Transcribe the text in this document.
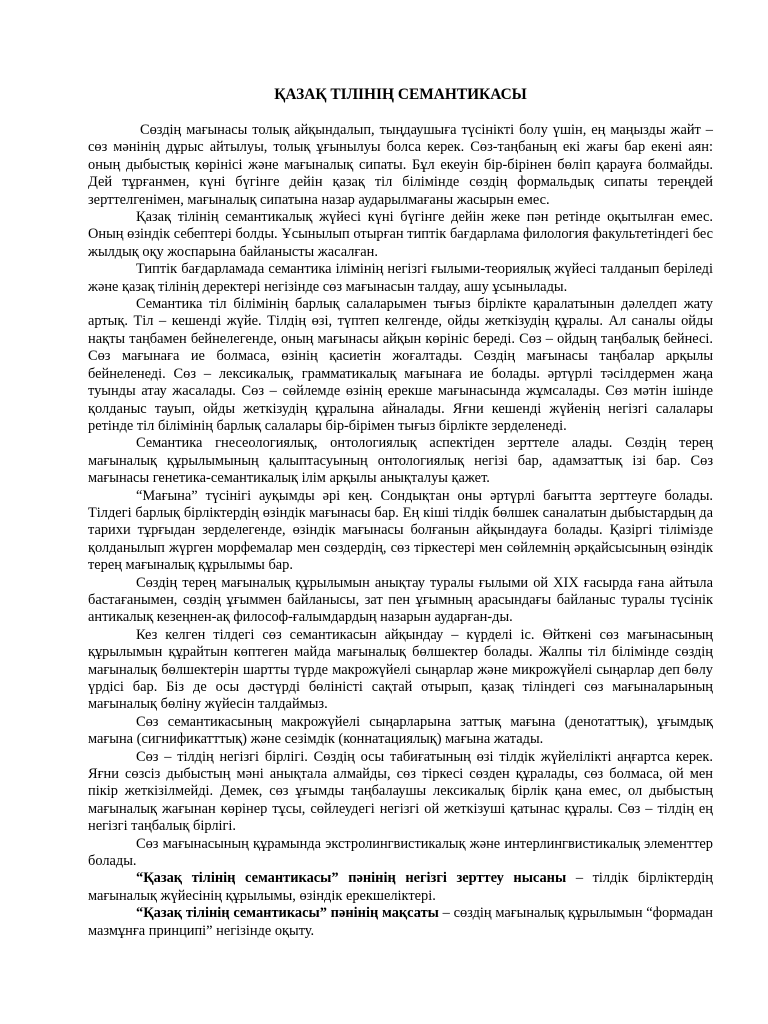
ҚАЗАҚ ТІЛІНІҢ СЕМАНТИКАСЫ

Сөздің мағынасы толық айқындалып, тыңдаушыға түсінікті болу үшін, ең маңызды жайт – сөз мәнінің дұрыс айтылуы, толық ұғынылуы болса керек. Сөз-таңбаның екі жағы бар екені аян: оның дыбыстық көрінісі және мағыналық сипаты. Бұл екеуін бір-бірінен бөліп қарауға болмайды. Дей тұрғанмен, күні бүгінге дейін қазақ тіл білімінде сөздің формальдық сипаты тереңдей зерттелгенімен, мағыналық сипатына назар аударылмағаны жасырын емес.

Қазақ тілінің семантикалық жүйесі күні бүгінге дейін жеке пән ретінде оқытылған емес. Оның өзіндік себептері болды. Ұсынылып отырған типтік бағдарлама филология факультетіндегі бес жылдық оқу жоспарына байланысты жасалған.

Типтік бағдарламада семантика ілімінің негізгі ғылыми-теориялық жүйесі талданып беріледі және қазақ тілінің деректері негізінде сөз мағынасын талдау, ашу ұсынылады.

Семантика тіл білімінің барлық салаларымен тығыз бірлікте қаралатынын дәлелдеп жату артық. Тіл – кешенді жүйе. Тілдің өзі, түптеп келгенде, ойды жеткізудің құралы. Ал саналы ойды нақты таңбамен бейнелегенде, оның мағынасы айқын көрініс береді. Сөз – ойдың таңбалық бейнесі. Сөз мағынаға ие болмаса, өзінің қасиетін жоғалтады. Сөздің мағынасы таңбалар арқылы бейнеленеді. Сөз – лексикалық, грамматикалық мағынаға ие болады. әртүрлі тәсілдермен жаңа туынды атау жасалады. Сөз – сөйлемде өзінің ерекше мағынасында жұмсалады. Сөз мәтін ішінде қолданыс тауып, ойды жеткізудің құралына айналады. Яғни кешенді жүйенің негізгі салалары ретінде тіл білімінің барлық салалары бір-бірімен тығыз бірлікте зерделенеді.

Семантика гнесеологиялық, онтологиялық аспектіден зерттеле алады. Сөздің терең мағыналық құрылымының қалыптасуының онтологиялық негізі бар, адамзаттық ізі бар. Сөз мағынасы генетика-семантикалық ілім арқылы анықталуы қажет.

“Мағына” түсінігі ауқымды әрі кең. Сондықтан оны әртүрлі бағытта зерттеуге болады. Тілдегі барлық бірліктердің өзіндік мағынасы бар. Ең кіші тілдік бөлшек саналатын дыбыстардың да тарихи тұрғыдан зерделегенде, өзіндік мағынасы болғанын айқындауға болады. Қазіргі тілімізде қолданылып жүрген морфемалар мен сөздердің, сөз тіркестері мен сөйлемнің әрқайсысының өзіндік терең мағыналық құрылымы бар.

Сөздің терең мағыналық құрылымын анықтау туралы ғылыми ой XIX ғасырда ғана айтыла бастағанымен, сөздің ұғыммен байланысы, зат пен ұғымның арасындағы байланыс туралы түсінік антикалық кезеңнен-ақ философ-ғалымдардың назарын аударған-ды.

Кез келген тілдегі сөз семантикасын айқындау – күрделі іс. Өйткені сөз мағынасының құрылымын құрайтын көптеген майда мағыналық бөлшектер болады. Жалпы тіл білімінде сөздің мағыналық бөлшектерін шартты түрде макрожүйелі сыңарлар және микрожүйелі сыңарлар деп бөлу үрдісі бар. Біз де осы дәстүрді бөліністі сақтай отырып, қазақ тіліндегі сөз мағыналарының мағыналық бөліну жүйесін талдаймыз.

Сөз семантикасының макрожүйелі сыңарларына заттық мағына (денотаттық), ұғымдық мағына (сигнификатттық) және сезімдік (коннатациялық) мағына жатады.

Сөз – тілдің негізгі бірлігі. Сөздің осы табиғатының өзі тілдік жүйелілікті аңғартса керек. Яғни сөзсіз дыбыстың мәні анықтала алмайды, сөз тіркесі сөзден құралады, сөз болмаса, ой мен пікір жеткізілмейді. Демек, сөз ұғымды таңбалаушы лексикалық бірлік қана емес, ол дыбыстың мағыналық жағынан көрінер тұсы, сөйлеудегі негізгі ой жеткізуші қатынас құралы. Сөз – тілдің ең негізгі таңбалық бірлігі.

Сөз мағынасының құрамында экстролингвистикалық және интерлингвистикалық элементтер болады.

“Қазақ тілінің семантикасы” пәнінің негізгі зерттеу нысаны – тілдік бірліктердің мағыналық жүйесінің құрылымы, өзіндік ерекшеліктері.

“Қазақ тілінің семантикасы” пәнінің мақсаты – сөздің мағыналық құрылымын “формадан мазмұнға принципі” негізінде оқыту.
